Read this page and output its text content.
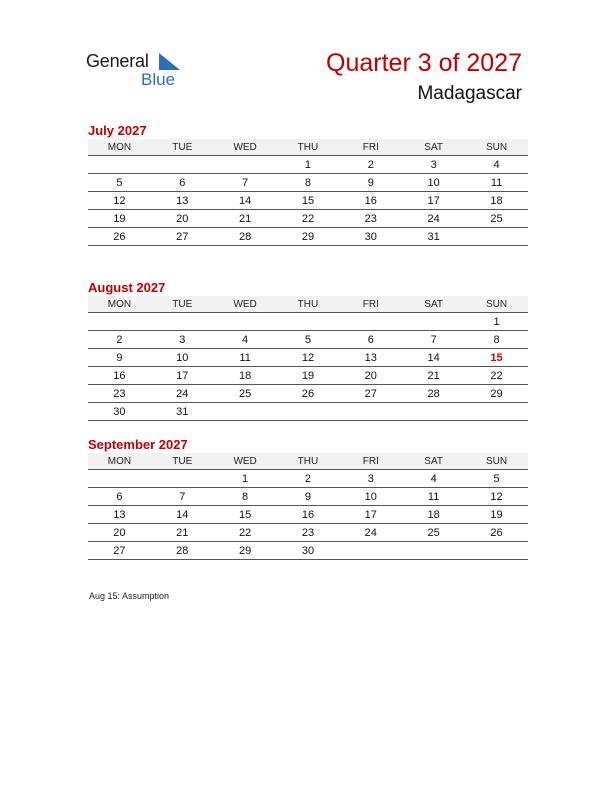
General
Blue
Quarter 3 of 2027
Madagascar
July 2027
MON	TUE	WED	THU	FRI	SAT	SUN
			1	2	3	4
5	6	7	8	9	10	11
12	13	14	15	16	17	18
19	20	21	22	23	24	25
26	27	28	29	30	31	
August 2027
MON	TUE	WED	THU	FRI	SAT	SUN
						1
2	3	4	5	6	7	8
9	10	11	12	13	14	15
16	17	18	19	20	21	22
23	24	25	26	27	28	29
30	31					
September 2027
MON	TUE	WED	THU	FRI	SAT	SUN
		1	2	3	4	5
6	7	8	9	10	11	12
13	14	15	16	17	18	19
20	21	22	23	24	25	26
27	28	29	30			
Aug 15: Assumption
